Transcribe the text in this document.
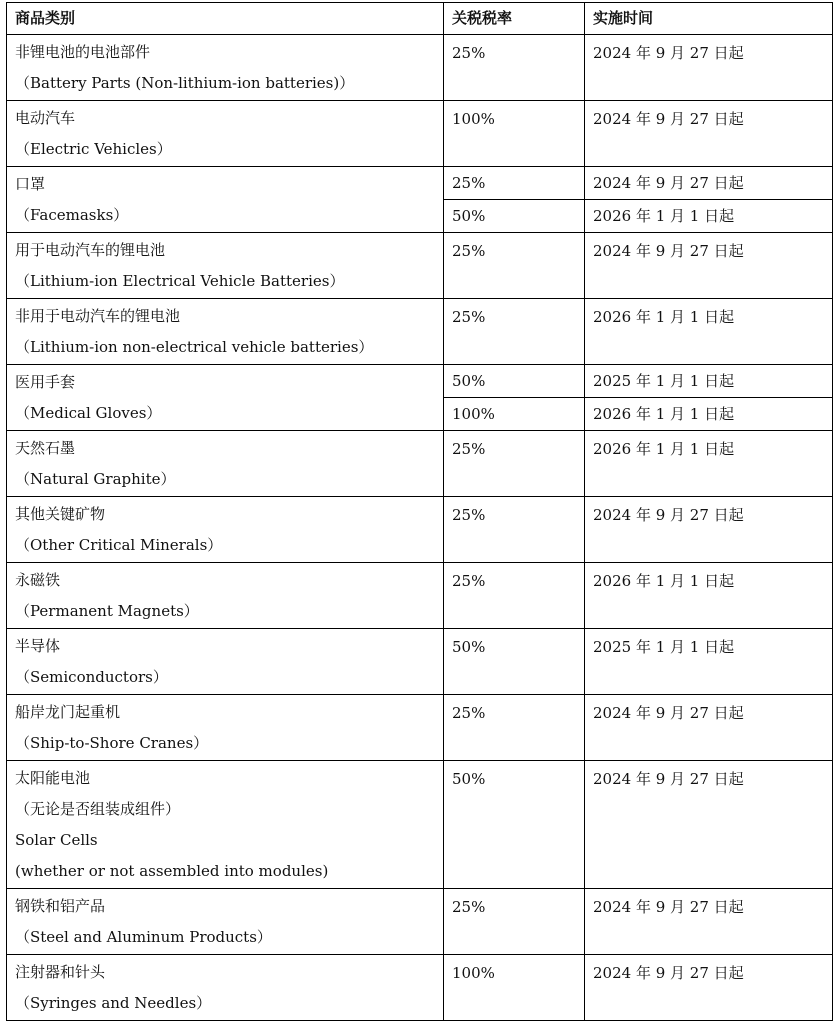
商品类别	关税税率	实施时间

非锂电池的电池部件
（Battery Parts (Non-lithium-ion batteries)）	25%	2024 年 9 月 27 日起

电动汽车
（Electric Vehicles）	100%	2024 年 9 月 27 日起

口罩
（Facemasks）	25%	2024 年 9 月 27 日起
	50%	2026 年 1 月 1 日起

用于电动汽车的锂电池
（Lithium-ion Electrical Vehicle Batteries）	25%	2024 年 9 月 27 日起

非用于电动汽车的锂电池
（Lithium-ion non-electrical vehicle batteries）	25%	2026 年 1 月 1 日起

医用手套
（Medical Gloves）	50%	2025 年 1 月 1 日起
	100%	2026 年 1 月 1 日起

天然石墨
（Natural Graphite）	25%	2026 年 1 月 1 日起

其他关键矿物
（Other Critical Minerals）	25%	2024 年 9 月 27 日起

永磁铁
（Permanent Magnets）	25%	2026 年 1 月 1 日起

半导体
（Semiconductors）	50%	2025 年 1 月 1 日起

船岸龙门起重机
（Ship-to-Shore Cranes）	25%	2024 年 9 月 27 日起

太阳能电池
（无论是否组装成组件）
Solar Cells
(whether or not assembled into modules)	50%	2024 年 9 月 27 日起

钢铁和铝产品
（Steel and Aluminum Products）	25%	2024 年 9 月 27 日起

注射器和针头
（Syringes and Needles）	100%	2024 年 9 月 27 日起
